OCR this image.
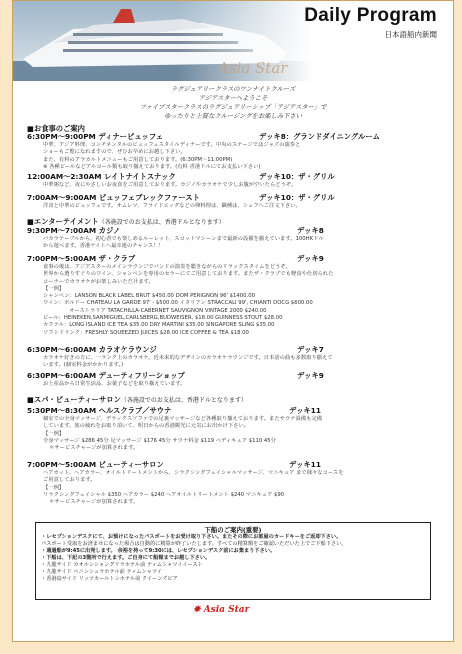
Asia Star
Daily Program
日本語船内新聞
ラグジュアリークラスのワンナイトクルーズ
アジアスターへようこそ
ファイブスタークラスのラグジュアリーシップ「アジアスター」で
ゆったりと上質なクルージングをお楽しみ下さい
■お食事のご案内
6:30PM〜9:00PM ディナービュッフェ	デッキ8：グランドダイニングルーム
中華、アジア料理、コンチネンタルのビュッフェスタイルディナーです。中央のステージではジャズの演奏と
ショーもご覧になれますので、ぜひお早めにお越し下さい。
また、有料のアラカルトメニューもご用意しております。(6:30PM〜11:00PM)
※ 各種ビールなどアルコール類も取り揃えております。(有料 香港ドルにてお支払い下さい)
12:00AM〜2:30AM レイトナイトスナック	デッキ10：ザ・グリル
中華粥など、夜にやさしいお夜食をご用意しております。カジノやカラオケで少しお腹が空いたらどうぞ。
7:00AM〜9:00AM ビュッフェブレックファースト	デッキ10：ザ・グリル
洋食と中華のビュッフェです。オムレツ、フライドエッグなどの卵料理は、職種は、シェフへご注文下さい。
■エンターテイメント（各施設でのお支払は、香港ドルとなります）
9:30PM〜7:00AM カジノ	デッキ8
バカラテーブルから、初心者でも楽しめるルーレット、スロットマシーンまで最新の設備を揃えています。100HKドル
から遊べます。香港ナイトへ最幸運のチャンス！！
7:00PM〜5:00AM ザ・クラブ	デッキ9
食事の後は、アジアスターのメインラウンジでバンドの演奏を聴きながらのリラックスタイムをどうぞ。
世界から選りすぐりのワイン、シャンペンを専用のセラーにてご用意しております。またザ・クラブでも軽食や仕切られた
コーナーでカラオケがお楽しみいただけます。
【一例】
シャンペン：LANSON BLACK LABEL BRUT $450.00 DOM PERIGNON 96' $1400.00
ワイン：ボルドー CHATEAU LA GARDE 97' - $500.00 イタリアン STRACCALI 99', CHIANTI DOCG $600.00
オーストラリア TATACHILLA-CABERNET SAUVIGNON VINTAGE 2000 $240.00
ビール：HEINEKEN,SANMIGUEL,CARLSBERG,BUDWEISER, $18.00 GUINNESS STOUT $28.00
カクテル：LONG ISLAND ICE TEA $35.00 DRY MARTINI $35.00 SINGAPORE SLING $35.00
ソフトドリンク：FRESHLY SQUEEZED JUICES $28.00 ICE COFFEE & TEA $18.00
6:30PM〜6:00AM カラオケラウンジ	デッキ7
カラオケ好きの方に、一ランク上のカラオケ。近未来的なデザインのカラオケラウンジです。日本語の曲も多数取り揃えて
います。(個室料金がかかります。)
6:30PM〜6:00AM デューティフリーショップ	デッキ9
お土産品から日常生活品、お菓子などを取り揃えています。
■スパ・ビューティーサロン（各施設でのお支払は、香港ドルとなります）
5:30PM〜8:30AM ヘルスクラブ／サウナ	デッキ11
個室での全身マッサージ、デラックスソファでの足裏マッサージなど各種取り揃えております。またサウナ設備も完備
しています。旅の疲れをお取り頂いて、明日からの香港観光に元気にお出かけ下さい。
【一例】
全身マッサージ $286 45分 足マッサージ $176 45分 サウナ料金 $119 ペディキュア $110 45分
＊サービスチャージが加算されます。
7:00PM〜5:00AM ビューティーサロン	デッキ11
ヘアカット、ヘアカラー、オイルトリートメントから、シラクシングフェイシャルマッサージ、マニキュア まで様々なコースを
ご用意しております。
【一例】
リラクシングフェイシャル $350 ヘアカラー $240 ヘアオイルトリートメント $240 マニキュア $90
＊サービスチャージが加算されます。
下船のご案内(重要)
・レセプションデスクにて、お預けになったパスポートをお受け取り下さい。またその際にお部屋のカードキーをご返却下さい。
パスポート受取をお済ませになった場合は自動的に精算が終了いたします。すべての精算額をご確認いただいた上でご下船下さい。
・通過船が9:45に出発します。 余裕を持って9:30には、レセプションデスク前にお集まり下さい。
・下船は、下記の3箇所で行えます。ご自身にて船館までお越し下さい。
・九龍サイド カオルンシャングリラホテル前 ティムシャツイイースト
・九龍サイド ペニンシュラホテル前 ティムシャツイ
・香港島サイド リッツカールトンホテル前 クイーンズピア
✸ Asia Star
